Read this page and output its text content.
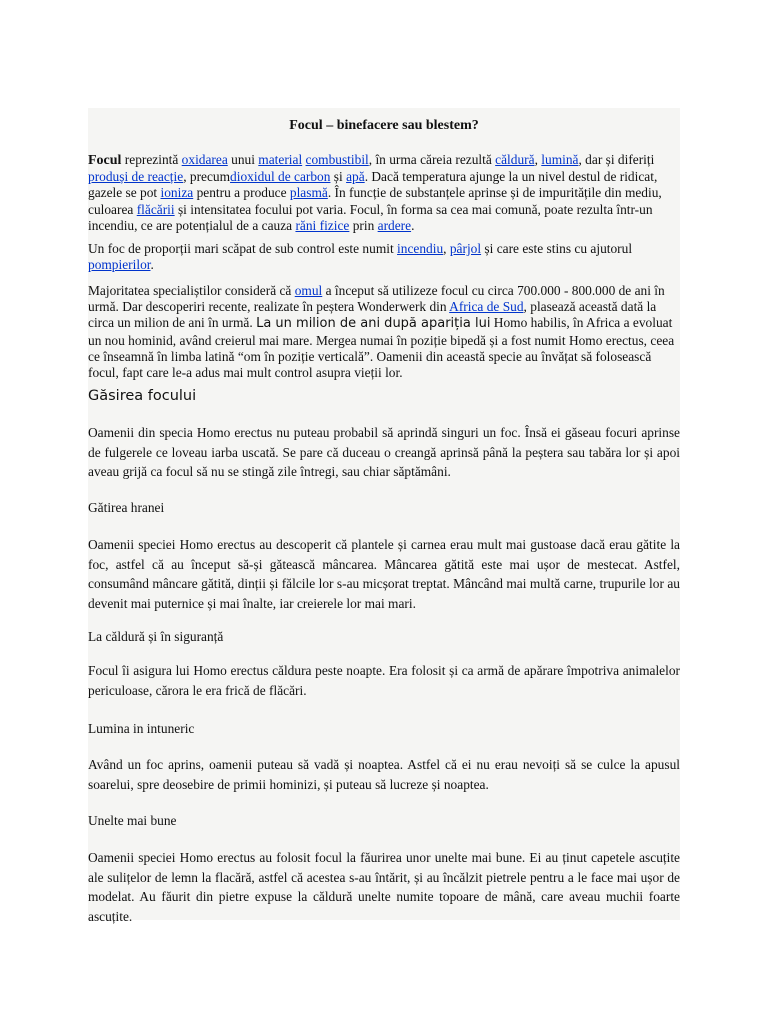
Focul – binefacere sau blestem?

Focul reprezintă oxidarea unui material combustibil, în urma căreia rezultă căldură, lumină, dar și diferiți produși de reacție, precumdioxidul de carbon și apă. Dacă temperatura ajunge la un nivel destul de ridicat, gazele se pot ioniza pentru a produce plasmă. În funcție de substanțele aprinse și de impuritățile din mediu, culoarea flăcării și intensitatea focului pot varia. Focul, în forma sa cea mai comună, poate rezulta într-un incendiu, ce are potențialul de a cauza răni fizice prin ardere.

Un foc de proporții mari scăpat de sub control este numit incendiu, pârjol și care este stins cu ajutorul pompierilor.

Majoritatea specialiștilor consideră că omul a început să utilizeze focul cu circa 700.000 - 800.000 de ani în urmă. Dar descoperiri recente, realizate în peștera Wonderwerk din Africa de Sud, plasează această dată la circa un milion de ani în urmă. La un milion de ani după apariția lui Homo habilis, în Africa a evoluat un nou hominid, având creierul mai mare. Mergea numai în poziție bipedă și a fost numit Homo erectus, ceea ce înseamnă în limba latină “om în poziție verticală”. Oamenii din această specie au învățat să folosească focul, fapt care le-a adus mai mult control asupra vieții lor.

Găsirea focului

Oamenii din specia Homo erectus nu puteau probabil să aprindă singuri un foc. Însă ei găseau focuri aprinse de fulgerele ce loveau iarba uscată. Se pare că duceau o creangă aprinsă până la peștera sau tabăra lor și apoi aveau grijă ca focul să nu se stingă zile întregi, sau chiar săptămâni.

Gătirea hranei

Oamenii speciei Homo erectus au descoperit că plantele și carnea erau mult mai gustoase dacă erau gătite la foc, astfel că au început să-și gătească mâncarea. Mâncarea gătită este mai ușor de mestecat. Astfel, consumând mâncare gătită, dinții și fălcile lor s-au micșorat treptat. Mâncând mai multă carne, trupurile lor au devenit mai puternice și mai înalte, iar creierele lor mai mari.

La căldură și în siguranță

Focul îi asigura lui Homo erectus căldura peste noapte. Era folosit și ca armă de apărare împotriva animalelor periculoase, cărora le era frică de flăcări.

Lumina in intuneric

Având un foc aprins, oamenii puteau să vadă și noaptea. Astfel că ei nu erau nevoiți să se culce la apusul soarelui, spre deosebire de primii hominizi, și puteau să lucreze și noaptea.

Unelte mai bune

Oamenii speciei Homo erectus au folosit focul la făurirea unor unelte mai bune. Ei au ținut capetele ascuțite ale sulițelor de lemn la flacără, astfel că acestea s-au întărit, și au încălzit pietrele pentru a le face mai ușor de modelat. Au făurit din pietre expuse la căldură unelte numite topoare de mână, care aveau muchii foarte ascuțite.
